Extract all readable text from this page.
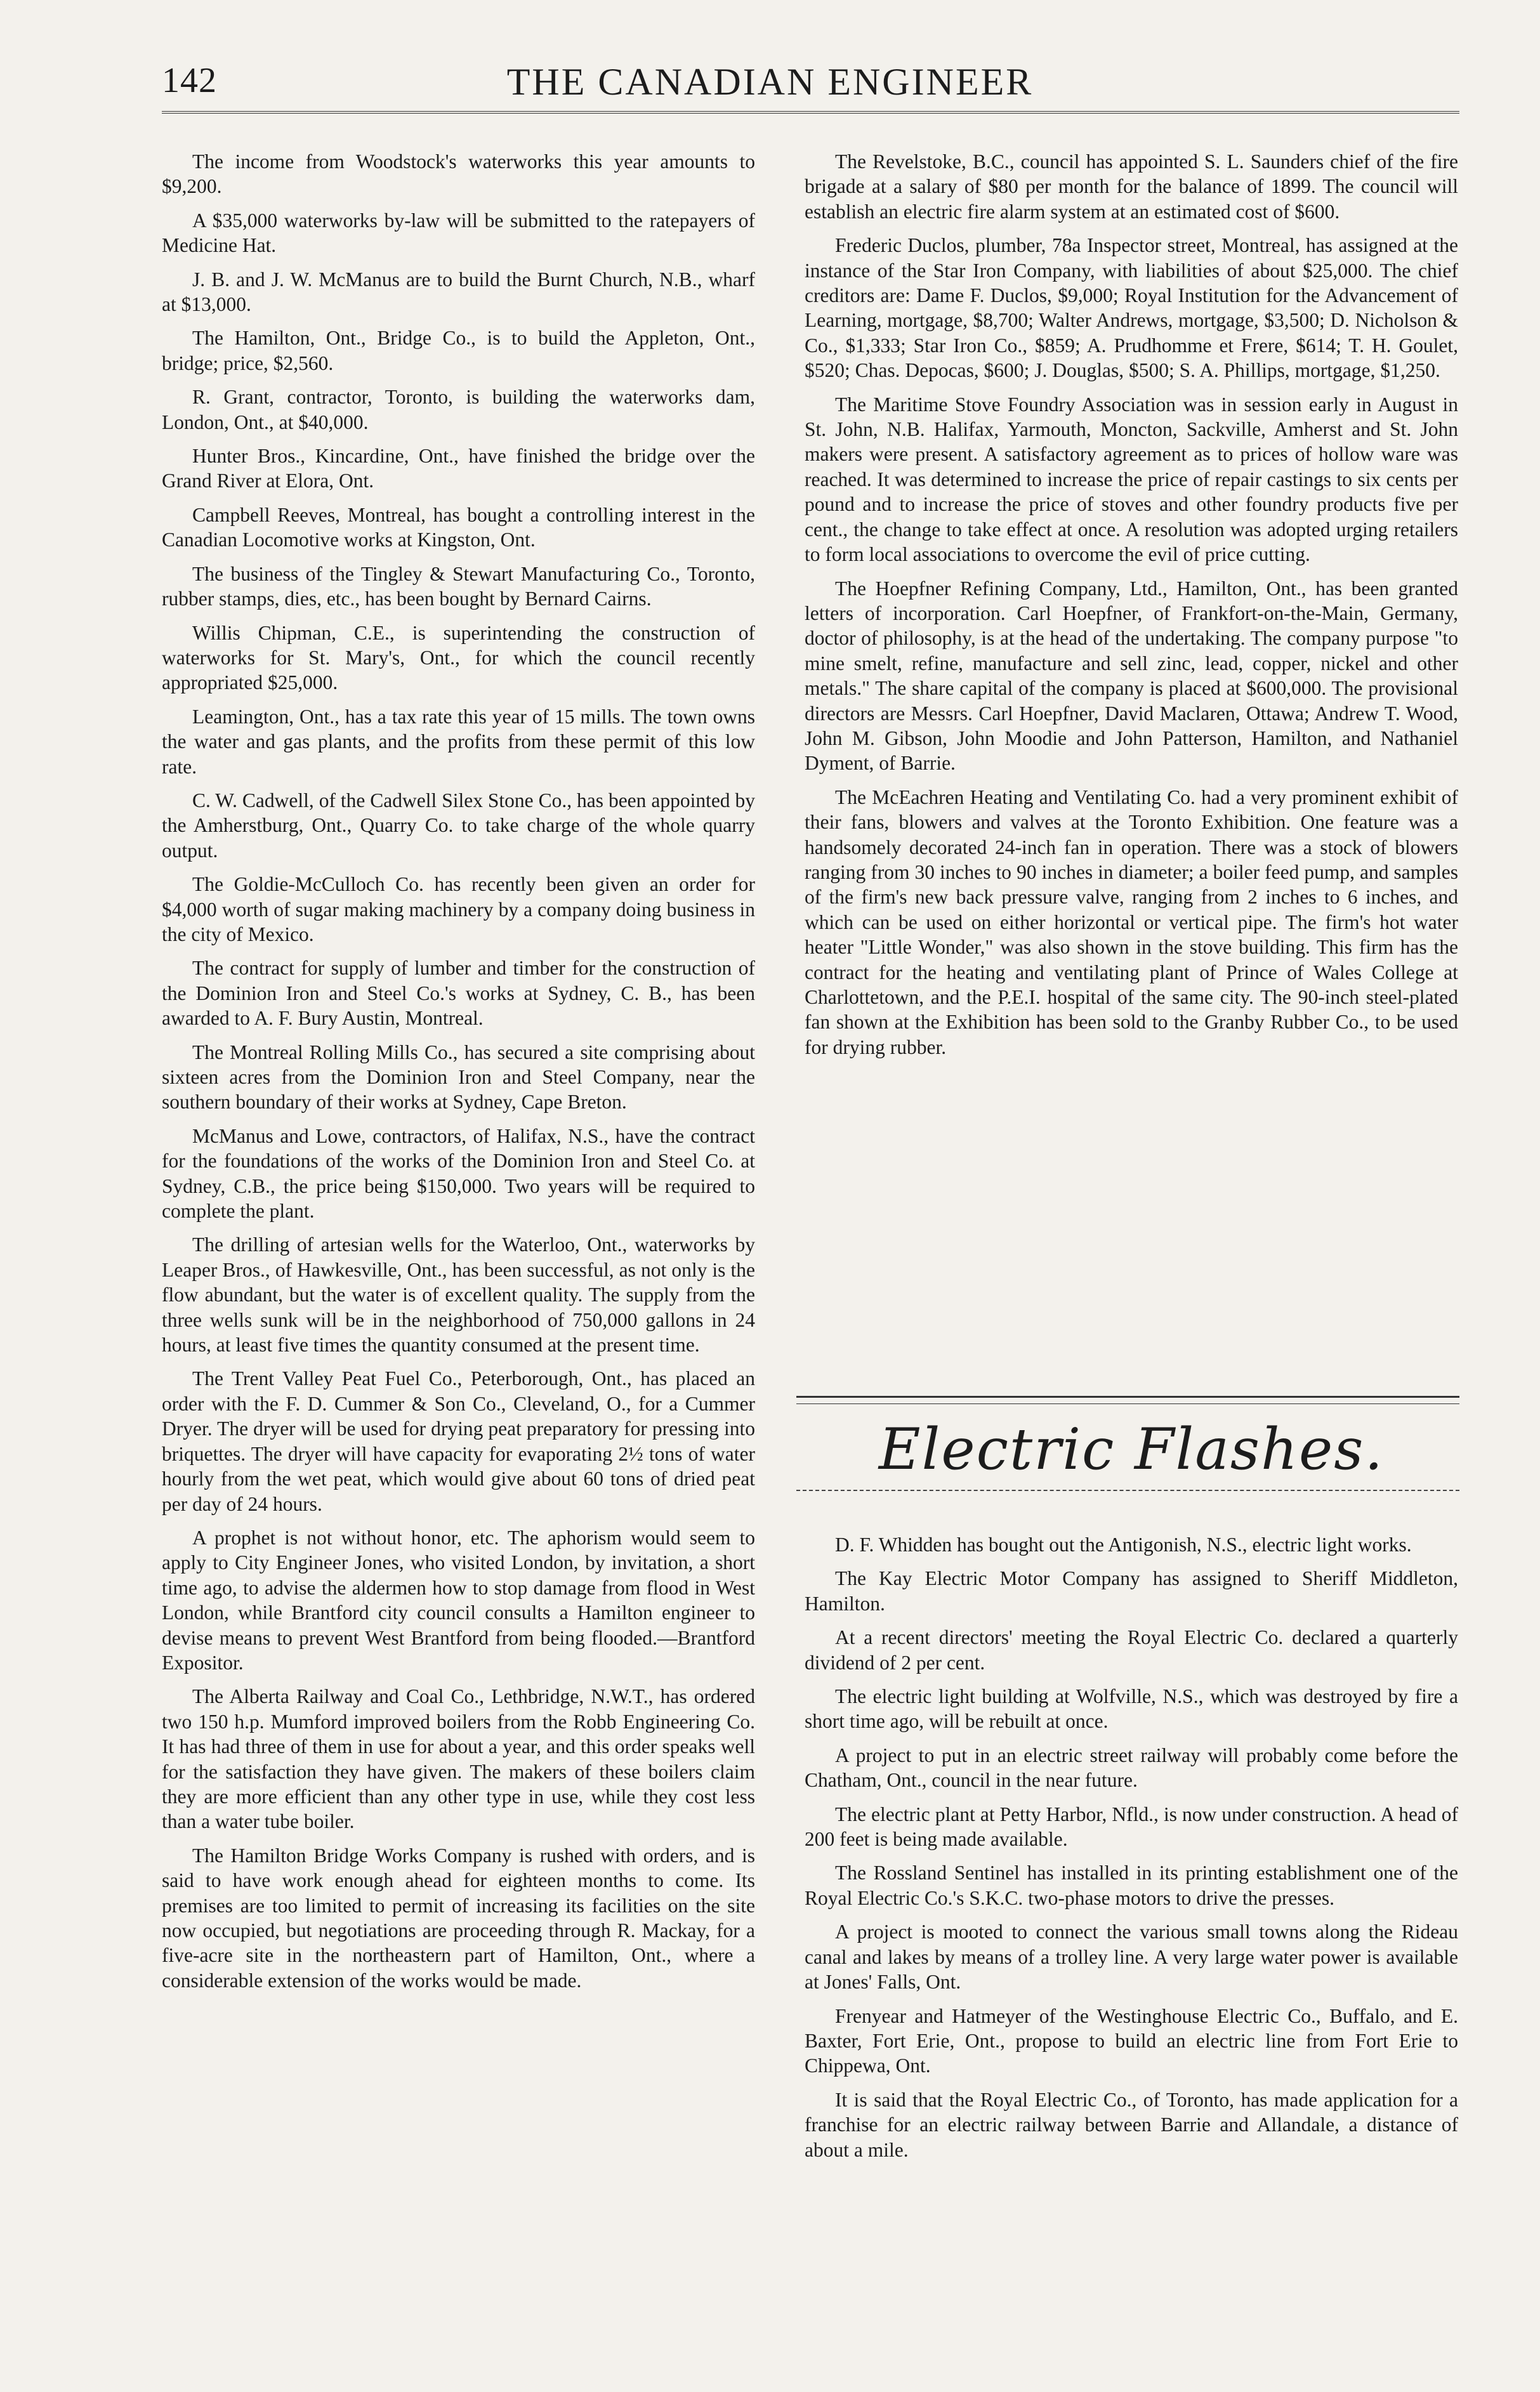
THE CANADIAN ENGINEER
142

The income from Woodstock's waterworks this year amounts to $9,200.

A $35,000 waterworks by-law will be submitted to the ratepayers of Medicine Hat.

J. B. and J. W. McManus are to build the Burnt Church, N.B., wharf at $13,000.

The Hamilton, Ont., Bridge Co., is to build the Appleton, Ont., bridge; price, $2,560.

R. Grant, contractor, Toronto, is building the waterworks dam, London, Ont., at $40,000.

Hunter Bros., Kincardine, Ont., have finished the bridge over the Grand River at Elora, Ont.

Campbell Reeves, Montreal, has bought a controlling interest in the Canadian Locomotive works at Kingston, Ont.

The business of the Tingley & Stewart Manufacturing Co., Toronto, rubber stamps, dies, etc., has been bought by Bernard Cairns.

Willis Chipman, C.E., is superintending the construction of waterworks for St. Mary's, Ont., for which the council recently appropriated $25,000.

Leamington, Ont., has a tax rate this year of 15 mills. The town owns the water and gas plants, and the profits from these permit of this low rate.

C. W. Cadwell, of the Cadwell Silex Stone Co., has been appointed by the Amherstburg, Ont., Quarry Co. to take charge of the whole quarry output.

The Goldie-McCulloch Co. has recently been given an order for $4,000 worth of sugar making machinery by a company doing business in the city of Mexico.

The contract for supply of lumber and timber for the construction of the Dominion Iron and Steel Co.'s works at Sydney, C. B., has been awarded to A. F. Bury Austin, Montreal.

The Montreal Rolling Mills Co., has secured a site comprising about sixteen acres from the Dominion Iron and Steel Company, near the southern boundary of their works at Sydney, Cape Breton.

McManus and Lowe, contractors, of Halifax, N.S., have the contract for the foundations of the works of the Dominion Iron and Steel Co. at Sydney, C.B., the price being $150,000. Two years will be required to complete the plant.

The drilling of artesian wells for the Waterloo, Ont., waterworks by Leaper Bros., of Hawkesville, Ont., has been successful, as not only is the flow abundant, but the water is of excellent quality. The supply from the three wells sunk will be in the neighborhood of 750,000 gallons in 24 hours, at least five times the quantity consumed at the present time.

The Trent Valley Peat Fuel Co., Peterborough, Ont., has placed an order with the F. D. Cummer & Son Co., Cleveland, O., for a Cummer Dryer. The dryer will be used for drying peat preparatory for pressing into briquettes. The dryer will have capacity for evaporating 2½ tons of water hourly from the wet peat, which would give about 60 tons of dried peat per day of 24 hours.

A prophet is not without honor, etc. The aphorism would seem to apply to City Engineer Jones, who visited London, by invitation, a short time ago, to advise the aldermen how to stop damage from flood in West London, while Brantford city council consults a Hamilton engineer to devise means to prevent West Brantford from being flooded.—Brantford Expositor.

The Alberta Railway and Coal Co., Lethbridge, N.W.T., has ordered two 150 h.p. Mumford improved boilers from the Robb Engineering Co. It has had three of them in use for about a year, and this order speaks well for the satisfaction they have given. The makers of these boilers claim they are more efficient than any other type in use, while they cost less than a water tube boiler.

The Hamilton Bridge Works Company is rushed with orders, and is said to have work enough ahead for eighteen months to come. Its premises are too limited to permit of increasing its facilities on the site now occupied, but negotiations are proceeding through R. Mackay, for a five-acre site in the northeastern part of Hamilton, Ont., where a considerable extension of the works would be made.

The Revelstoke, B.C., council has appointed S. L. Saunders chief of the fire brigade at a salary of $80 per month for the balance of 1899. The council will establish an electric fire alarm system at an estimated cost of $600.

Frederic Duclos, plumber, 78a Inspector street, Montreal, has assigned at the instance of the Star Iron Company, with liabilities of about $25,000. The chief creditors are: Dame F. Duclos, $9,000; Royal Institution for the Advancement of Learning, mortgage, $8,700; Walter Andrews, mortgage, $3,500; D. Nicholson & Co., $1,333; Star Iron Co., $859; A. Prudhomme et Frere, $614; T. H. Goulet, $520; Chas. Depocas, $600; J. Douglas, $500; S. A. Phillips, mortgage, $1,250.

The Maritime Stove Foundry Association was in session early in August in St. John, N.B. Halifax, Yarmouth, Moncton, Sackville, Amherst and St. John makers were present. A satisfactory agreement as to prices of hollow ware was reached. It was determined to increase the price of repair castings to six cents per pound and to increase the price of stoves and other foundry products five per cent., the change to take effect at once. A resolution was adopted urging retailers to form local associations to overcome the evil of price cutting.

The Hoepfner Refining Company, Ltd., Hamilton, Ont., has been granted letters of incorporation. Carl Hoepfner, of Frankfort-on-the-Main, Germany, doctor of philosophy, is at the head of the undertaking. The company purpose "to mine smelt, refine, manufacture and sell zinc, lead, copper, nickel and other metals." The share capital of the company is placed at $600,000. The provisional directors are Messrs. Carl Hoepfner, David Maclaren, Ottawa; Andrew T. Wood, John M. Gibson, John Moodie and John Patterson, Hamilton, and Nathaniel Dyment, of Barrie.

The McEachren Heating and Ventilating Co. had a very prominent exhibit of their fans, blowers and valves at the Toronto Exhibition. One feature was a handsomely decorated 24-inch fan in operation. There was a stock of blowers ranging from 30 inches to 90 inches in diameter; a boiler feed pump, and samples of the firm's new back pressure valve, ranging from 2 inches to 6 inches, and which can be used on either horizontal or vertical pipe. The firm's hot water heater "Little Wonder," was also shown in the stove building. This firm has the contract for the heating and ventilating plant of Prince of Wales College at Charlottetown, and the P.E.I. hospital of the same city. The 90-inch steel-plated fan shown at the Exhibition has been sold to the Granby Rubber Co., to be used for drying rubber.

Electric Flashes.

D. F. Whidden has bought out the Antigonish, N.S., electric light works.

The Kay Electric Motor Company has assigned to Sheriff Middleton, Hamilton.

At a recent directors' meeting the Royal Electric Co. declared a quarterly dividend of 2 per cent.

The electric light building at Wolfville, N.S., which was destroyed by fire a short time ago, will be rebuilt at once.

A project to put in an electric street railway will probably come before the Chatham, Ont., council in the near future.

The electric plant at Petty Harbor, Nfld., is now under construction. A head of 200 feet is being made available.

The Rossland Sentinel has installed in its printing establishment one of the Royal Electric Co.'s S.K.C. two-phase motors to drive the presses.

A project is mooted to connect the various small towns along the Rideau canal and lakes by means of a trolley line. A very large water power is available at Jones' Falls, Ont.

Frenyear and Hatmeyer of the Westinghouse Electric Co., Buffalo, and E. Baxter, Fort Erie, Ont., propose to build an electric line from Fort Erie to Chippewa, Ont.

It is said that the Royal Electric Co., of Toronto, has made application for a franchise for an electric railway between Barrie and Allandale, a distance of about a mile.
